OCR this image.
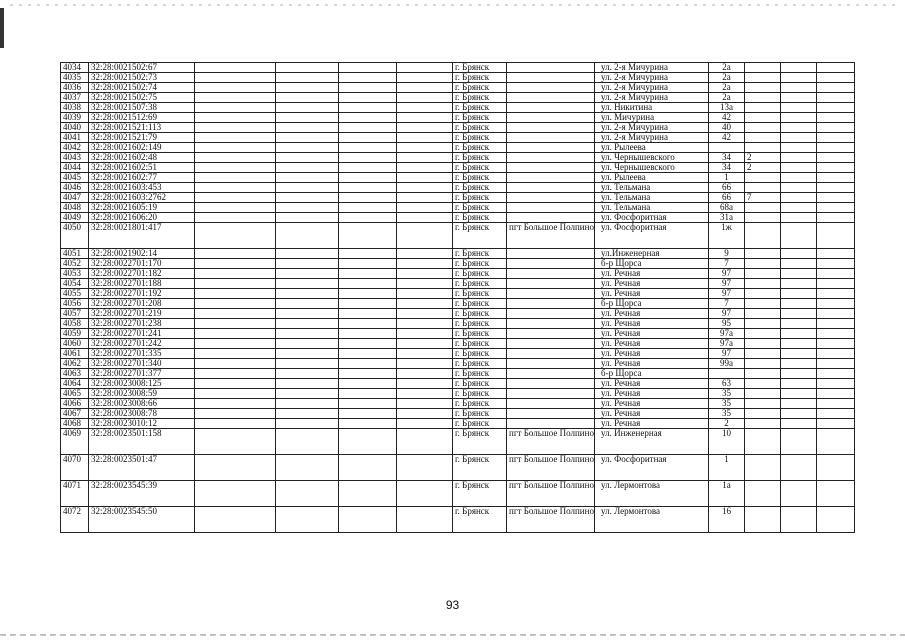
4034	32:28:0021502:67					г. Брянск		ул. 2-я Мичурина	2а			
4035	32:28:0021502:73					г. Брянск		ул. 2-я Мичурина	2а			
4036	32:28:0021502:74					г. Брянск		ул. 2-я Мичурина	2а			
4037	32:28:0021502:75					г. Брянск		ул. 2-я Мичурина	2а			
4038	32:28:0021507:38					г. Брянск		ул. Никитина	13а			
4039	32:28:0021512:69					г. Брянск		ул. Мичурина	42			
4040	32:28:0021521:113					г. Брянск		ул. 2-я Мичурина	40			
4041	32:28:0021521:79					г. Брянск		ул. 2-я Мичурина	42			
4042	32:28:0021602:149					г. Брянск		ул. Рылеева				
4043	32:28:0021602:48					г. Брянск		ул. Чернышевского	34	2		
4044	32:28:0021602:51					г. Брянск		ул. Чернышевского	34	2		
4045	32:28:0021602:77					г. Брянск		ул. Рылеева	1			
4046	32:28:0021603:453					г. Брянск		ул. Тельмана	66			
4047	32:28:0021603:2762					г. Брянск		ул. Тельмана	66	7		
4048	32:28:0021605:19					г. Брянск		ул. Тельмана	68а			
4049	32:28:0021606:20					г. Брянск		ул. Фосфоритная	31а			
4050	32:28:0021801:417					г. Брянск	пгт Большое Полпино	ул. Фосфоритная	1ж			
4051	32:28:0021902:14					г. Брянск		ул.Инженерная	9			
4052	32:28:0022701:170					г. Брянск		б-р Щорса	7			
4053	32:28:0022701:182					г. Брянск		ул. Речная	97			
4054	32:28:0022701:188					г. Брянск		ул. Речная	97			
4055	32:28:0022701:192					г. Брянск		ул. Речная	97			
4056	32:28:0022701:208					г. Брянск		б-р Щорса	7			
4057	32:28:0022701:219					г. Брянск		ул. Речная	97			
4058	32:28:0022701:238					г. Брянск		ул. Речная	95			
4059	32:28:0022701:241					г. Брянск		ул. Речная	97а			
4060	32:28:0022701:242					г. Брянск		ул. Речная	97а			
4061	32:28:0022701:335					г. Брянск		ул. Речная	97			
4062	32:28:0022701:340					г. Брянск		ул. Речная	99а			
4063	32:28:0022701:377					г. Брянск		б-р Щорса				
4064	32:28:0023008:125					г. Брянск		ул. Речная	63			
4065	32:28:0023008:59					г. Брянск		ул. Речная	35			
4066	32:28:0023008:66					г. Брянск		ул. Речная	35			
4067	32:28:0023008:78					г. Брянск		ул. Речная	35			
4068	32:28:0023010:12					г. Брянск		ул. Речная	2			
4069	32:28:0023501:158					г. Брянск	пгт Большое Полпино	ул. Инженерная	10			
4070	32:28:0023501:47					г. Брянск	пгт Большое Полпино	ул. Фосфоритная	1			
4071	32:28:0023545:39					г. Брянск	пгт Большое Полпино	ул. Лермонтова	1а			
4072	32:28:0023545:50					г. Брянск	пгт Большое Полпино	ул. Лермонтова	16			
93
